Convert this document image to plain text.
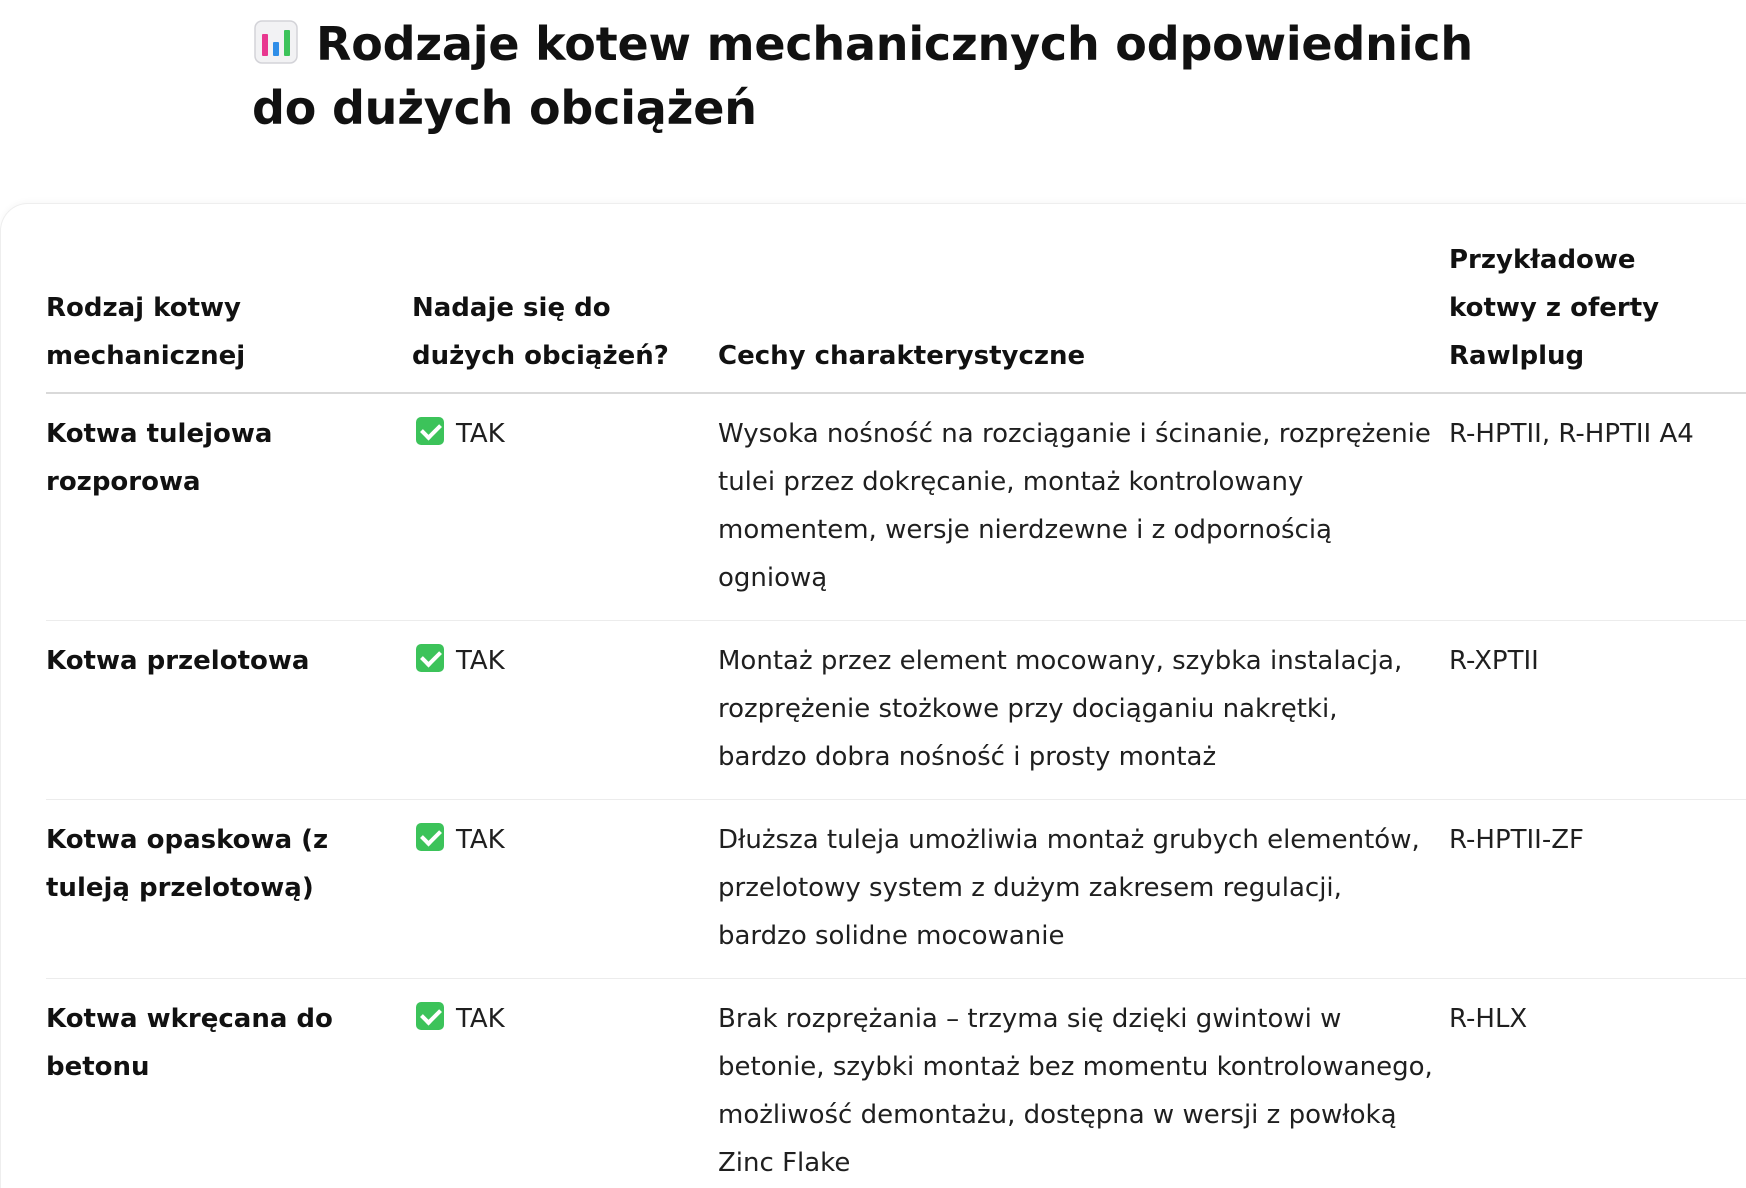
Rodzaje kotew mechanicznych odpowiednich do dużych obciążeń
Rodzaj kotwy mechanicznej	Nadaje się do dużych obciążeń?	Cechy charakterystyczne	Przykładowe kotwy z oferty Rawlplug
Kotwa tulejowa rozporowa	TAK	Wysoka nośność na rozciąganie i ścinanie, rozprężenie tulei przez dokręcanie, montaż kontrolowany momentem, wersje nierdzewne i z odpornością ogniową	R-HPTII, R-HPTII A4
Kotwa przelotowa	TAK	Montaż przez element mocowany, szybka instalacja, rozprężenie stożkowe przy dociąganiu nakrętki, bardzo dobra nośność i prosty montaż	R-XPTII
Kotwa opaskowa (z tuleją przelotową)	TAK	Dłuższa tuleja umożliwia montaż grubych elementów, przelotowy system z dużym zakresem regulacji, bardzo solidne mocowanie	R-HPTII-ZF
Kotwa wkręcana do betonu	TAK	Brak rozprężania – trzyma się dzięki gwintowi w betonie, szybki montaż bez momentu kontrolowanego, możliwość demontażu, dostępna w wersji z powłoką Zinc Flake	R-HLX
